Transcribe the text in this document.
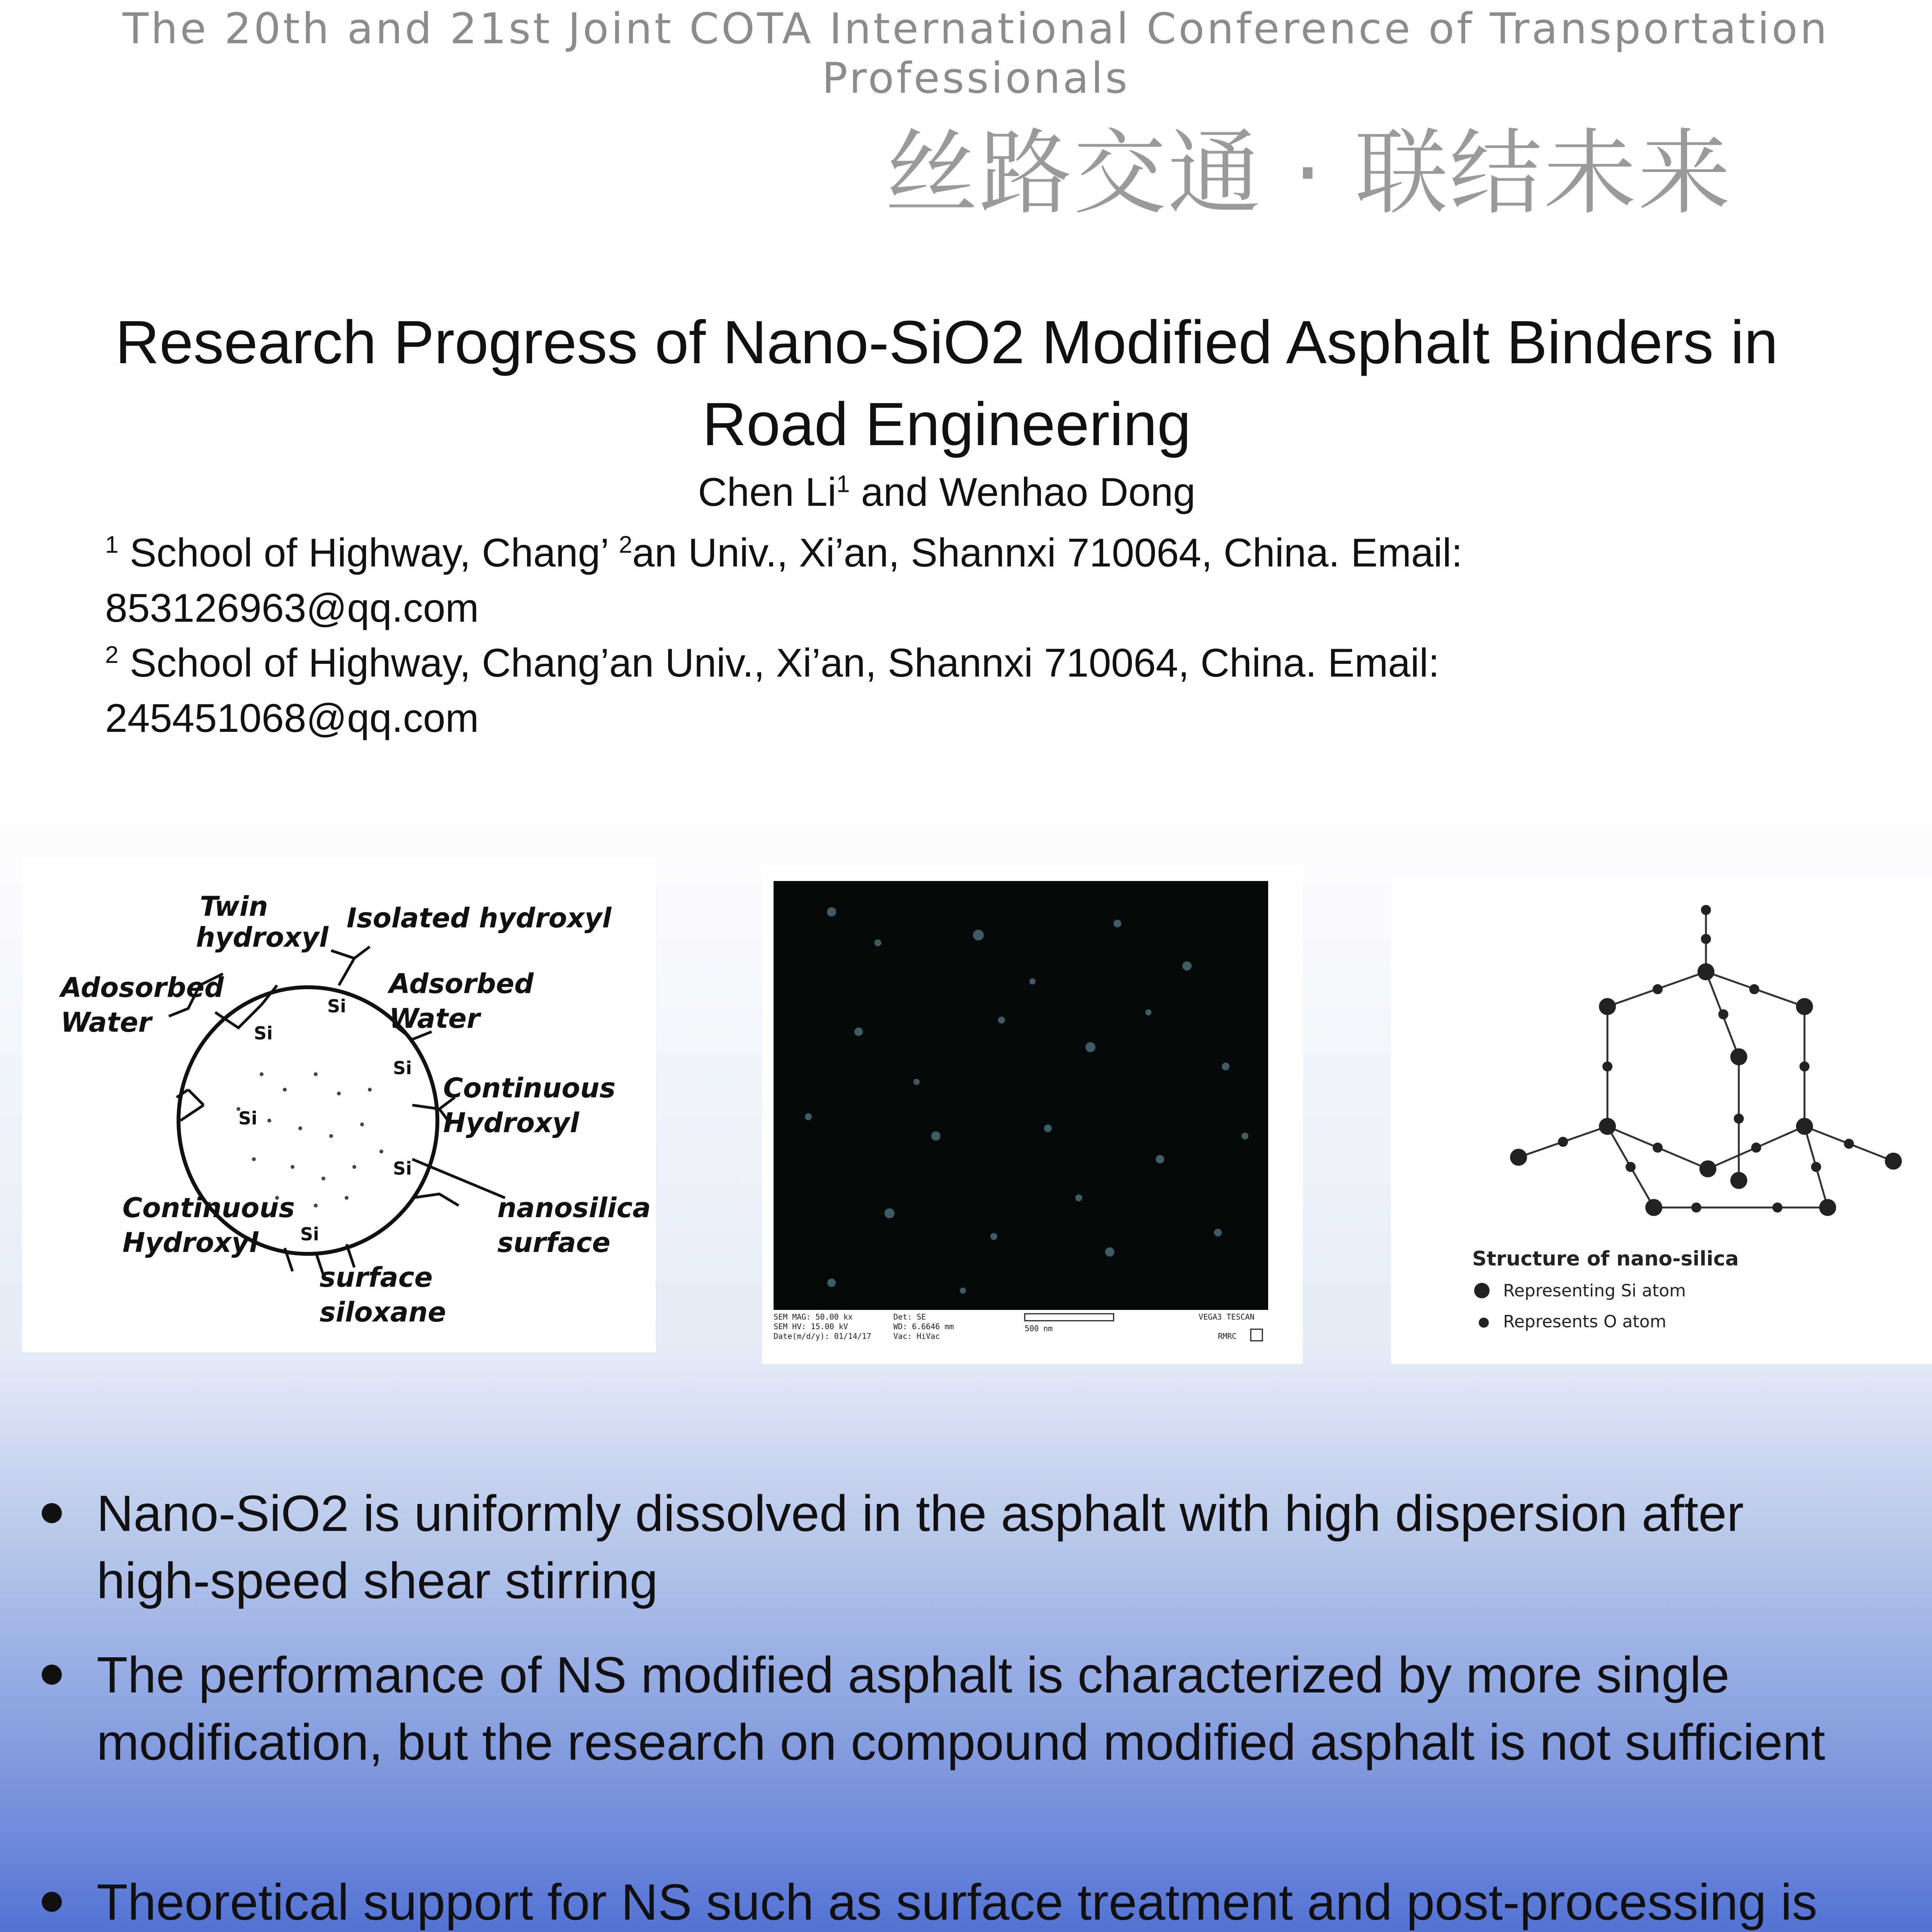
The 20th and 21st Joint COTA International Conference of Transportation Professionals
丝路交通 · 联结未来
Research Progress of Nano-SiO2 Modified Asphalt Binders in Road Engineering
Chen Li$^1$ and Wenhao Dong
$^1$ School of Highway, Chang’ $^2$an Univ., Xi’an, Shannxi 710064, China. Email: 853126963@qq.com
$^2$ School of Highway, Chang’an Univ., Xi’an, Shannxi 710064, China. Email: 245451068@qq.com
Si
Si
Si
Si
Si
Si
Twin
hydroxyl
Isolated hydroxyl
Adosorbed
Water
Adsorbed
Water
Continuous
Hydroxyl
Continuous
Hydroxyl
nanosilica
surface
surface
siloxane	SEM MAG: 50.00 kx
SEM HV: 15.00 kV
Date(m/d/y): 01/14/17
Det: SE
WD: 6.6646 mm
Vac: HiVac
500 nm
VEGA3 TESCAN
RMRC
Structure of nano-silica
Representing Si atom
Represents O atom
Nano-SiO2 is uniformly dissolved in the asphalt with high dispersion after high-speed shear stirring
The performance of NS modified asphalt is characterized by more single modification, but the research on compound modified asphalt is not sufficient
Theoretical support for NS such as surface treatment and post-processing is
